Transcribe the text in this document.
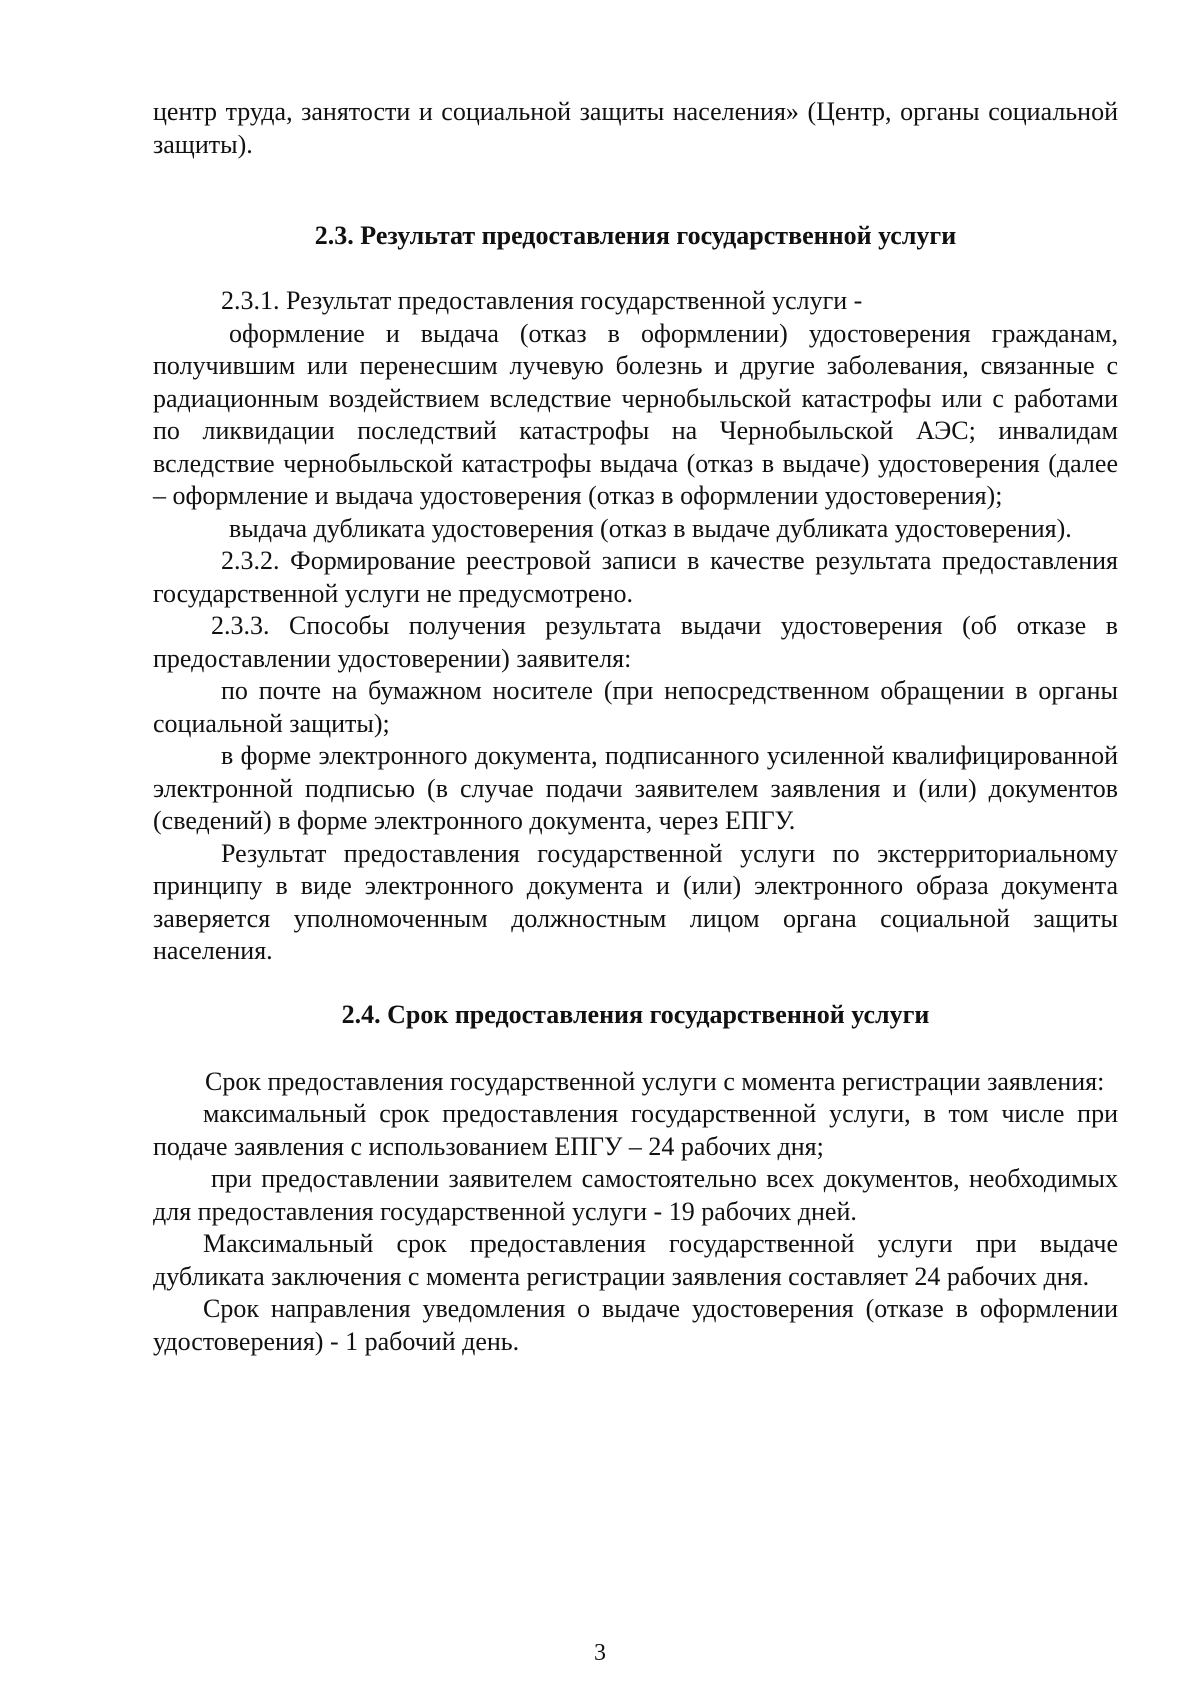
центр труда, занятости и социальной защиты населения» (Центр, органы социальной защиты).

2.3. Результат предоставления государственной услуги

2.3.1. Результат предоставления государственной услуги -

оформление и выдача (отказ в оформлении) удостоверения гражданам, получившим или перенесшим лучевую болезнь и другие заболевания, связанные с радиационным воздействием вследствие чернобыльской катастрофы или с работами по ликвидации последствий катастрофы на Чернобыльской АЭС; инвалидам вследствие чернобыльской катастрофы выдача (отказ в выдаче) удостоверения (далее – оформление и выдача удостоверения (отказ в оформлении удостоверения);

выдача дубликата удостоверения (отказ в выдаче дубликата удостоверения).

2.3.2. Формирование реестровой записи в качестве результата предоставления государственной услуги не предусмотрено.

2.3.3. Способы получения результата выдачи удостоверения (об отказе в предоставлении удостоверении) заявителя:

по почте на бумажном носителе (при непосредственном обращении в органы социальной защиты);

в форме электронного документа, подписанного усиленной квалифицированной электронной подписью (в случае подачи заявителем заявления и (или) документов (сведений) в форме электронного документа, через ЕПГУ.

Результат предоставления государственной услуги по экстерриториальному принципу в виде электронного документа и (или) электронного образа документа заверяется уполномоченным должностным лицом органа социальной защиты населения.

2.4. Срок предоставления государственной услуги

Срок предоставления государственной услуги с момента регистрации заявления:

максимальный срок предоставления государственной услуги, в том числе при подаче заявления с использованием ЕПГУ – 24 рабочих дня;

при предоставлении заявителем самостоятельно всех документов, необходимых для предоставления государственной услуги - 19 рабочих дней.

Максимальный срок предоставления государственной услуги при выдаче дубликата заключения с момента регистрации заявления составляет 24 рабочих дня.

Срок направления уведомления о выдаче удостоверения (отказе в оформлении удостоверения) - 1 рабочий день.

3
